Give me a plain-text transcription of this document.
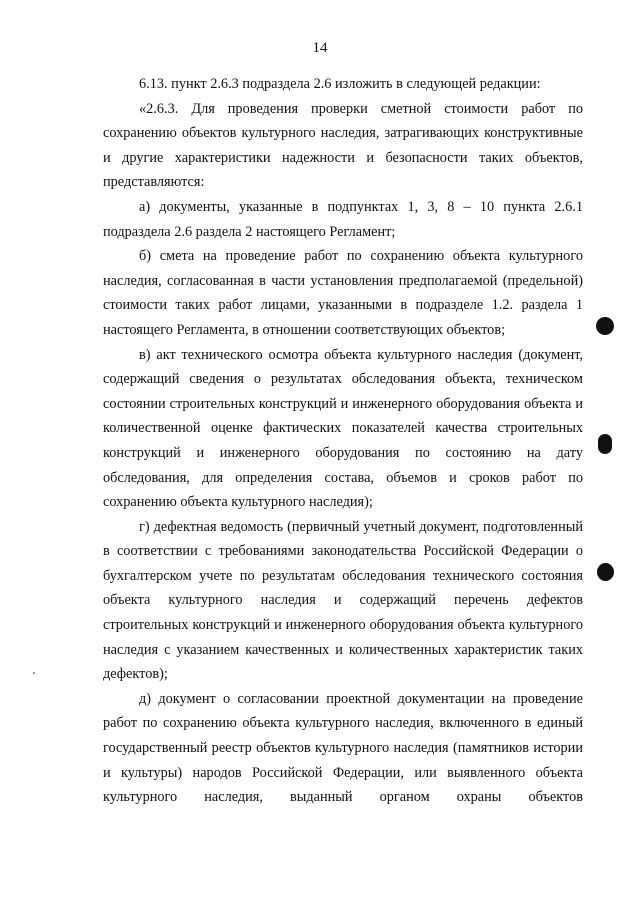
14

6.13. пункт 2.6.3 подраздела 2.6 изложить в следующей редакции:

«2.6.3. Для проведения проверки сметной стоимости работ по сохранению объектов культурного наследия, затрагивающих конструктивные и другие характеристики надежности и безопасности таких объектов, представляются:

а) документы, указанные в подпунктах 1, 3, 8 – 10 пункта 2.6.1 подраздела 2.6 раздела 2 настоящего Регламент;

б) смета на проведение работ по сохранению объекта культурного наследия, согласованная в части установления предполагаемой (предельной) стоимости таких работ лицами, указанными в подразделе 1.2. раздела 1 настоящего Регламента, в отношении соответствующих объектов;

в) акт технического осмотра объекта культурного наследия (документ, содержащий сведения о результатах обследования объекта, техническом состоянии строительных конструкций и инженерного оборудования объекта и количественной оценке фактических показателей качества строительных конструкций и инженерного оборудования по состоянию на дату обследования, для определения состава, объемов и сроков работ по сохранению объекта культурного наследия);

г) дефектная ведомость (первичный учетный документ, подготовленный в соответствии с требованиями законодательства Российской Федерации о бухгалтерском учете по результатам обследования технического состояния объекта культурного наследия и содержащий перечень дефектов строительных конструкций и инженерного оборудования объекта культурного наследия с указанием качественных и количественных характеристик таких дефектов);

д) документ о согласовании проектной документации на проведение работ по сохранению объекта культурного наследия, включенного в единый государственный реестр объектов культурного наследия (памятников истории и культуры) народов Российской Федерации, или выявленного объекта культурного наследия, выданный органом охраны объектов
